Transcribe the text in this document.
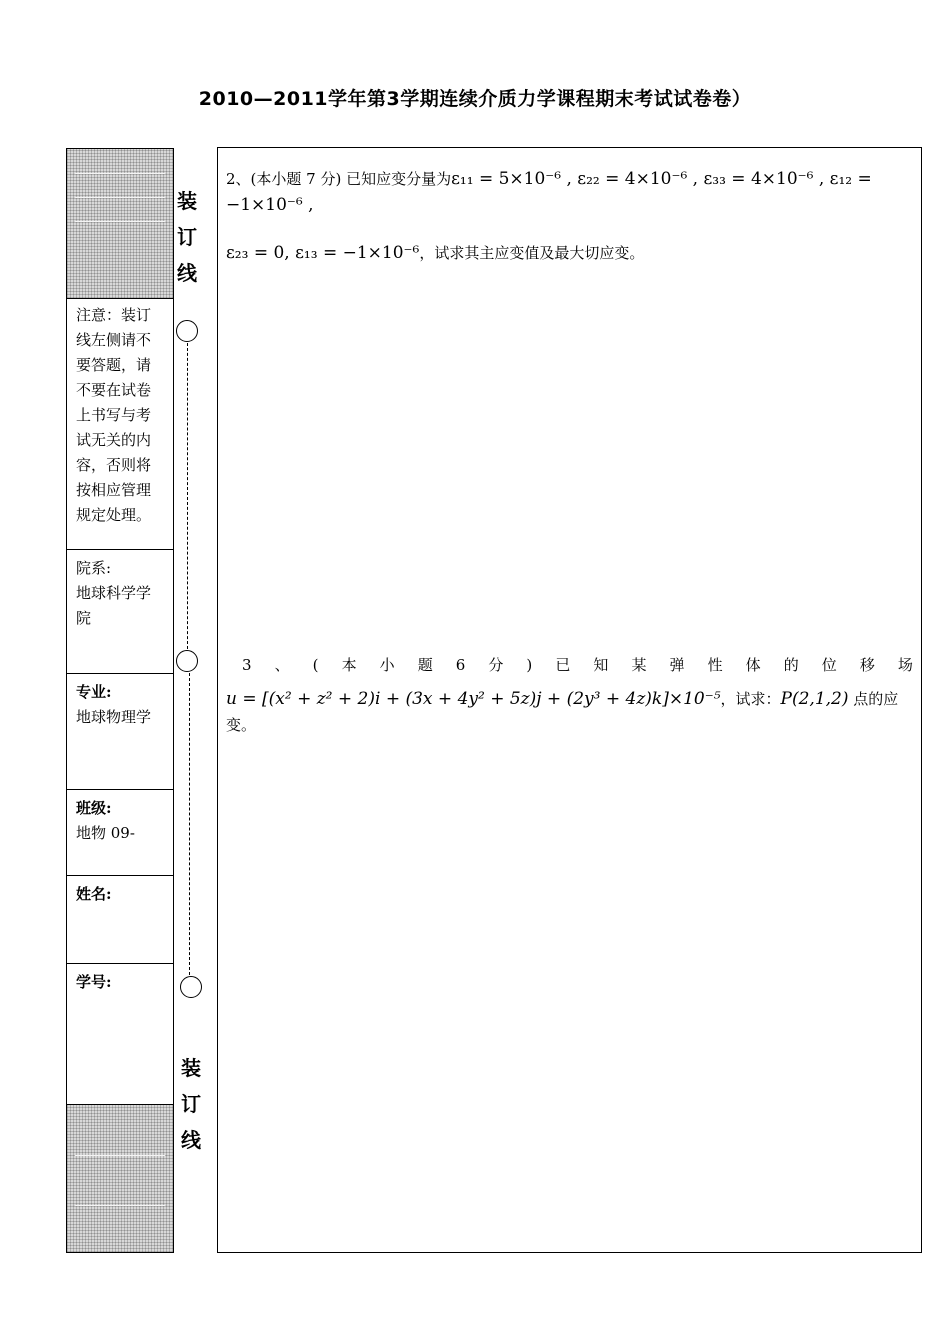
2010—2011学年第3学期连续介质力学课程期末考试试卷卷）
注意：装订线左侧请不要答题，请不要在试卷上书写与考试无关的内容，否则将按相应管理规定处理。
院系:
地球科学学院
专业:
地球物理学
班级:
地物 09-
姓名:
学号:
装
订
线
装
订
线
2、(本小题 7 分) 已知应变分量为ε₁₁ = 5×10⁻⁶ , ε₂₂ = 4×10⁻⁶ , ε₃₃ = 4×10⁻⁶ , ε₁₂ = −1×10⁻⁶ ,
ε₂₃ = 0, ε₁₃ = −1×10⁻⁶，试求其主应变值及最大切应变。
3 、 ( 本 小 题 6 分 ) 已 知 某 弹 性 体 的 位 移 场
u = [(x² + z² + 2)i + (3x + 4y² + 5z)j + (2y³ + 4z)k]×10⁻⁵，试求：P(2,1,2) 点的应变。
